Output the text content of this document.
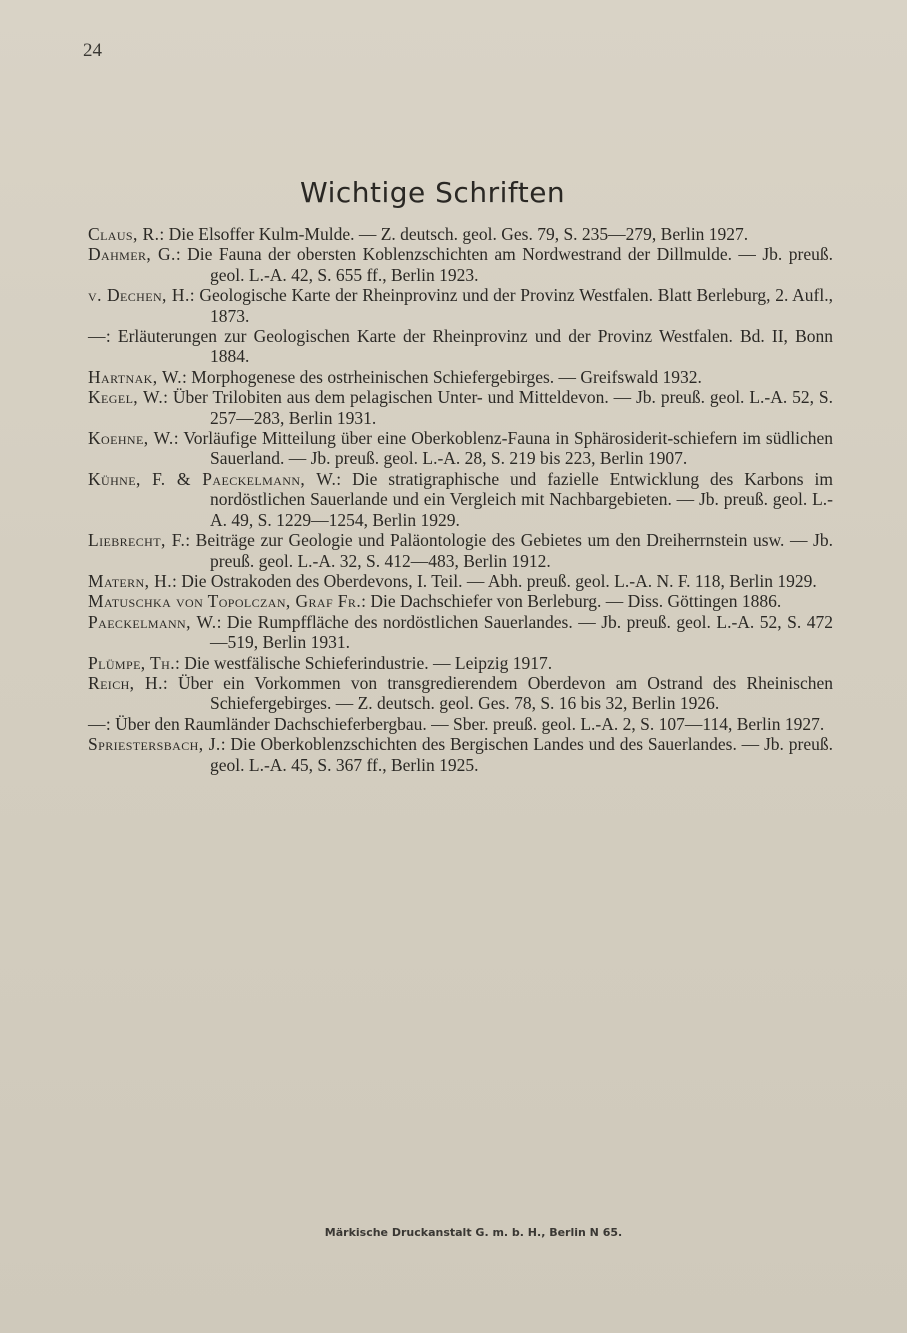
24
Wichtige Schriften
Claus, R.: Die Elsoffer Kulm-Mulde. — Z. deutsch. geol. Ges. 79, S. 235—279, Berlin 1927.
Dahmer, G.: Die Fauna der obersten Koblenzschichten am Nordwestrand der Dillmulde. — Jb. preuß. geol. L.-A. 42, S. 655 ff., Berlin 1923.
v. Dechen, H.: Geologische Karte der Rheinprovinz und der Provinz Westfalen. Blatt Berleburg, 2. Aufl., 1873.
—: Erläuterungen zur Geologischen Karte der Rheinprovinz und der Provinz Westfalen. Bd. II, Bonn 1884.
Hartnak, W.: Morphogenese des ostrheinischen Schiefergebirges. — Greifswald 1932.
Kegel, W.: Über Trilobiten aus dem pelagischen Unter- und Mitteldevon. — Jb. preuß. geol. L.-A. 52, S. 257—283, Berlin 1931.
Koehne, W.: Vorläufige Mitteilung über eine Oberkoblenz-Fauna in Sphärosiderit-schiefern im südlichen Sauerland. — Jb. preuß. geol. L.-A. 28, S. 219 bis 223, Berlin 1907.
Kühne, F. & Paeckelmann, W.: Die stratigraphische und fazielle Entwicklung des Karbons im nordöstlichen Sauerlande und ein Vergleich mit Nachbargebieten. — Jb. preuß. geol. L.-A. 49, S. 1229—1254, Berlin 1929.
Liebrecht, F.: Beiträge zur Geologie und Paläontologie des Gebietes um den Dreiherrnstein usw. — Jb. preuß. geol. L.-A. 32, S. 412—483, Berlin 1912.
Matern, H.: Die Ostrakoden des Oberdevons, I. Teil. — Abh. preuß. geol. L.-A. N. F. 118, Berlin 1929.
Matuschka von Topolczan, Graf Fr.: Die Dachschiefer von Berleburg. — Diss. Göttingen 1886.
Paeckelmann, W.: Die Rumpffläche des nordöstlichen Sauerlandes. — Jb. preuß. geol. L.-A. 52, S. 472—519, Berlin 1931.
Plümpe, Th.: Die westfälische Schieferindustrie. — Leipzig 1917.
Reich, H.: Über ein Vorkommen von transgredierendem Oberdevon am Ostrand des Rheinischen Schiefergebirges. — Z. deutsch. geol. Ges. 78, S. 16 bis 32, Berlin 1926.
—: Über den Raumländer Dachschieferbergbau. — Sber. preuß. geol. L.-A. 2, S. 107—114, Berlin 1927.
Spriestersbach, J.: Die Oberkoblenzschichten des Bergischen Landes und des Sauerlandes. — Jb. preuß. geol. L.-A. 45, S. 367 ff., Berlin 1925.
Märkische Druckanstalt G. m. b. H., Berlin N 65.
